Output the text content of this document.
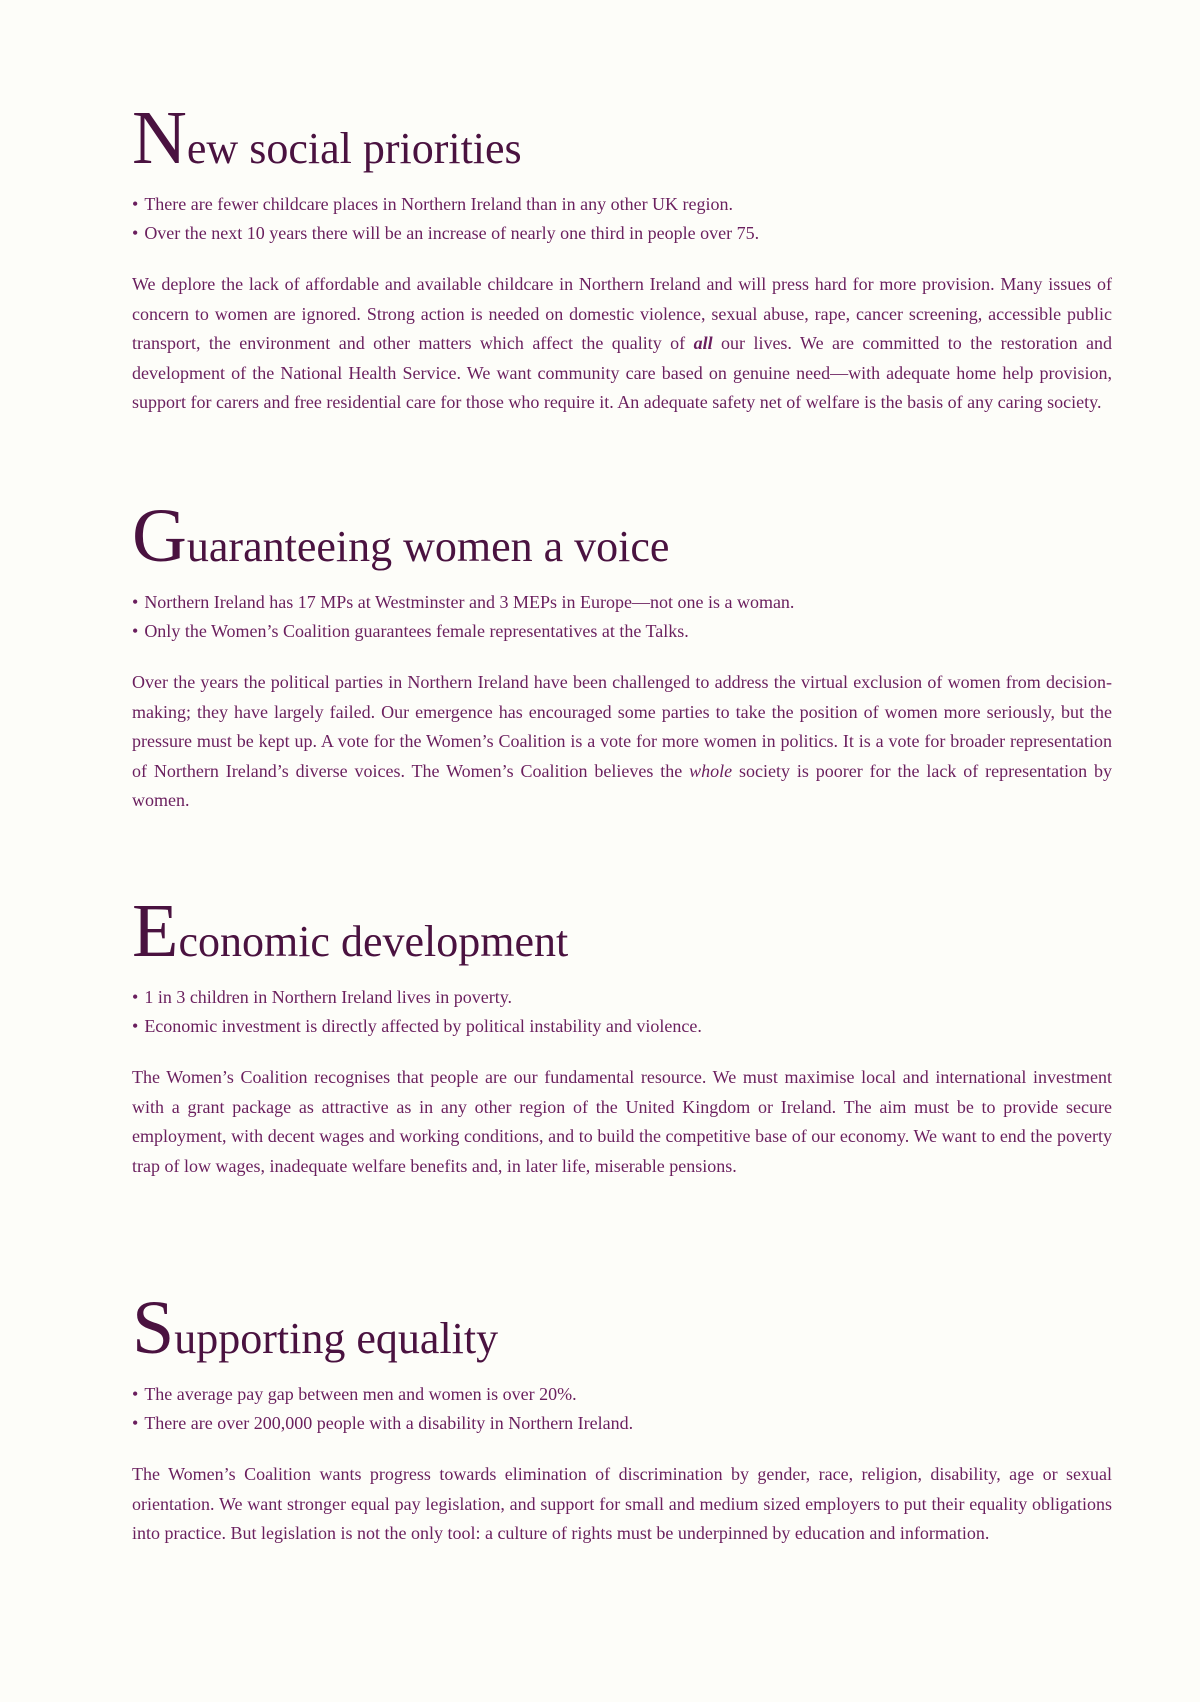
New social priorities
• There are fewer childcare places in Northern Ireland than in any other UK region.
• Over the next 10 years there will be an increase of nearly one third in people over 75.

We deplore the lack of affordable and available childcare in Northern Ireland and will press hard for more provision. Many issues of concern to women are ignored. Strong action is needed on domestic violence, sexual abuse, rape, cancer screening, accessible public transport, the environment and other matters which affect the quality of all our lives. We are committed to the restoration and development of the National Health Service. We want community care based on genuine need—with adequate home help provision, support for carers and free residential care for those who require it. An adequate safety net of welfare is the basis of any caring society.

Guaranteeing women a voice
• Northern Ireland has 17 MPs at Westminster and 3 MEPs in Europe—not one is a woman.
• Only the Women’s Coalition guarantees female representatives at the Talks.

Over the years the political parties in Northern Ireland have been challenged to address the virtual exclusion of women from decision-making; they have largely failed. Our emergence has encouraged some parties to take the position of women more seriously, but the pressure must be kept up. A vote for the Women’s Coalition is a vote for more women in politics. It is a vote for broader representation of Northern Ireland’s diverse voices. The Women’s Coalition believes the whole society is poorer for the lack of representation by women.

Economic development
• 1 in 3 children in Northern Ireland lives in poverty.
• Economic investment is directly affected by political instability and violence.

The Women’s Coalition recognises that people are our fundamental resource. We must maximise local and international investment with a grant package as attractive as in any other region of the United Kingdom or Ireland. The aim must be to provide secure employment, with decent wages and working conditions, and to build the competitive base of our economy. We want to end the poverty trap of low wages, inadequate welfare benefits and, in later life, miserable pensions.

Supporting equality
• The average pay gap between men and women is over 20%.
• There are over 200,000 people with a disability in Northern Ireland.

The Women’s Coalition wants progress towards elimination of discrimination by gender, race, religion, disability, age or sexual orientation. We want stronger equal pay legislation, and support for small and medium sized employers to put their equality obligations into practice. But legislation is not the only tool: a culture of rights must be underpinned by education and information.
